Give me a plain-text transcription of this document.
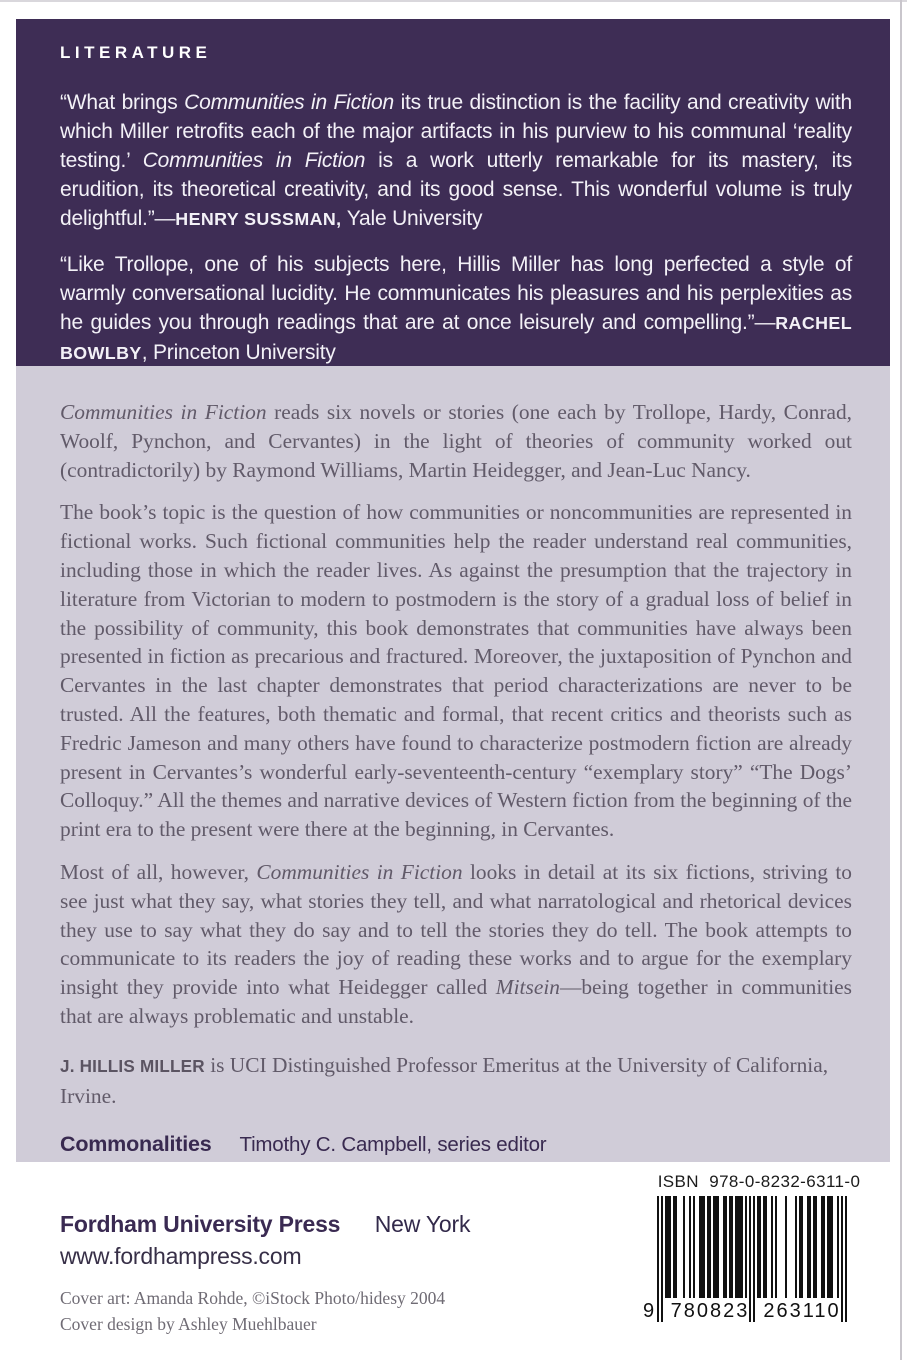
LITERATURE
“What brings Communities in Fiction its true distinction is the facility and creativity with which Miller retrofits each of the major artifacts in his purview to his communal ‘reality testing.’ Communities in Fiction is a work utterly remarkable for its mastery, its erudition, its theoretical creativity, and its good sense. This wonderful volume is truly delightful.”—HENRY SUSSMAN, Yale University
“Like Trollope, one of his subjects here, Hillis Miller has long perfected a style of warmly conversational lucidity. He communicates his pleasures and his perplexities as he guides you through readings that are at once leisurely and compelling.”—RACHEL BOWLBY, Princeton University

Communities in Fiction reads six novels or stories (one each by Trollope, Hardy, Conrad, Woolf, Pynchon, and Cervantes) in the light of theories of community worked out (contradictorily) by Raymond Williams, Martin Heidegger, and Jean-Luc Nancy.

The book’s topic is the question of how communities or noncommunities are represented in fictional works. Such fictional communities help the reader understand real communities, including those in which the reader lives. As against the presumption that the trajectory in literature from Victorian to modern to postmodern is the story of a gradual loss of belief in the possibility of community, this book demonstrates that communities have always been presented in fiction as precarious and fractured. Moreover, the juxtaposition of Pynchon and Cervantes in the last chapter demonstrates that period characterizations are never to be trusted. All the features, both thematic and formal, that recent critics and theorists such as Fredric Jameson and many others have found to characterize postmodern fiction are already present in Cervantes’s wonderful early-seventeenth-century “exemplary story” “The Dogs’ Colloquy.” All the themes and narrative devices of Western fiction from the beginning of the print era to the present were there at the beginning, in Cervantes.

Most of all, however, Communities in Fiction looks in detail at its six fictions, striving to see just what they say, what stories they tell, and what narratological and rhetorical devices they use to say what they do say and to tell the stories they do tell. The book attempts to communicate to its readers the joy of reading these works and to argue for the exemplary insight they provide into what Heidegger called Mitsein—being together in communities that are always problematic and unstable.

J. HILLIS MILLER is UCI Distinguished Professor Emeritus at the University of California, Irvine.
Commonalities Timothy C. Campbell, series editor
Fordham University Press New York
www.fordhampress.com
Cover art: Amanda Rohde, ©iStock Photo/hidesy 2004
Cover design by Ashley Muehlbauer
ISBN  978-0-8232-6311-0
9 780823 263110
